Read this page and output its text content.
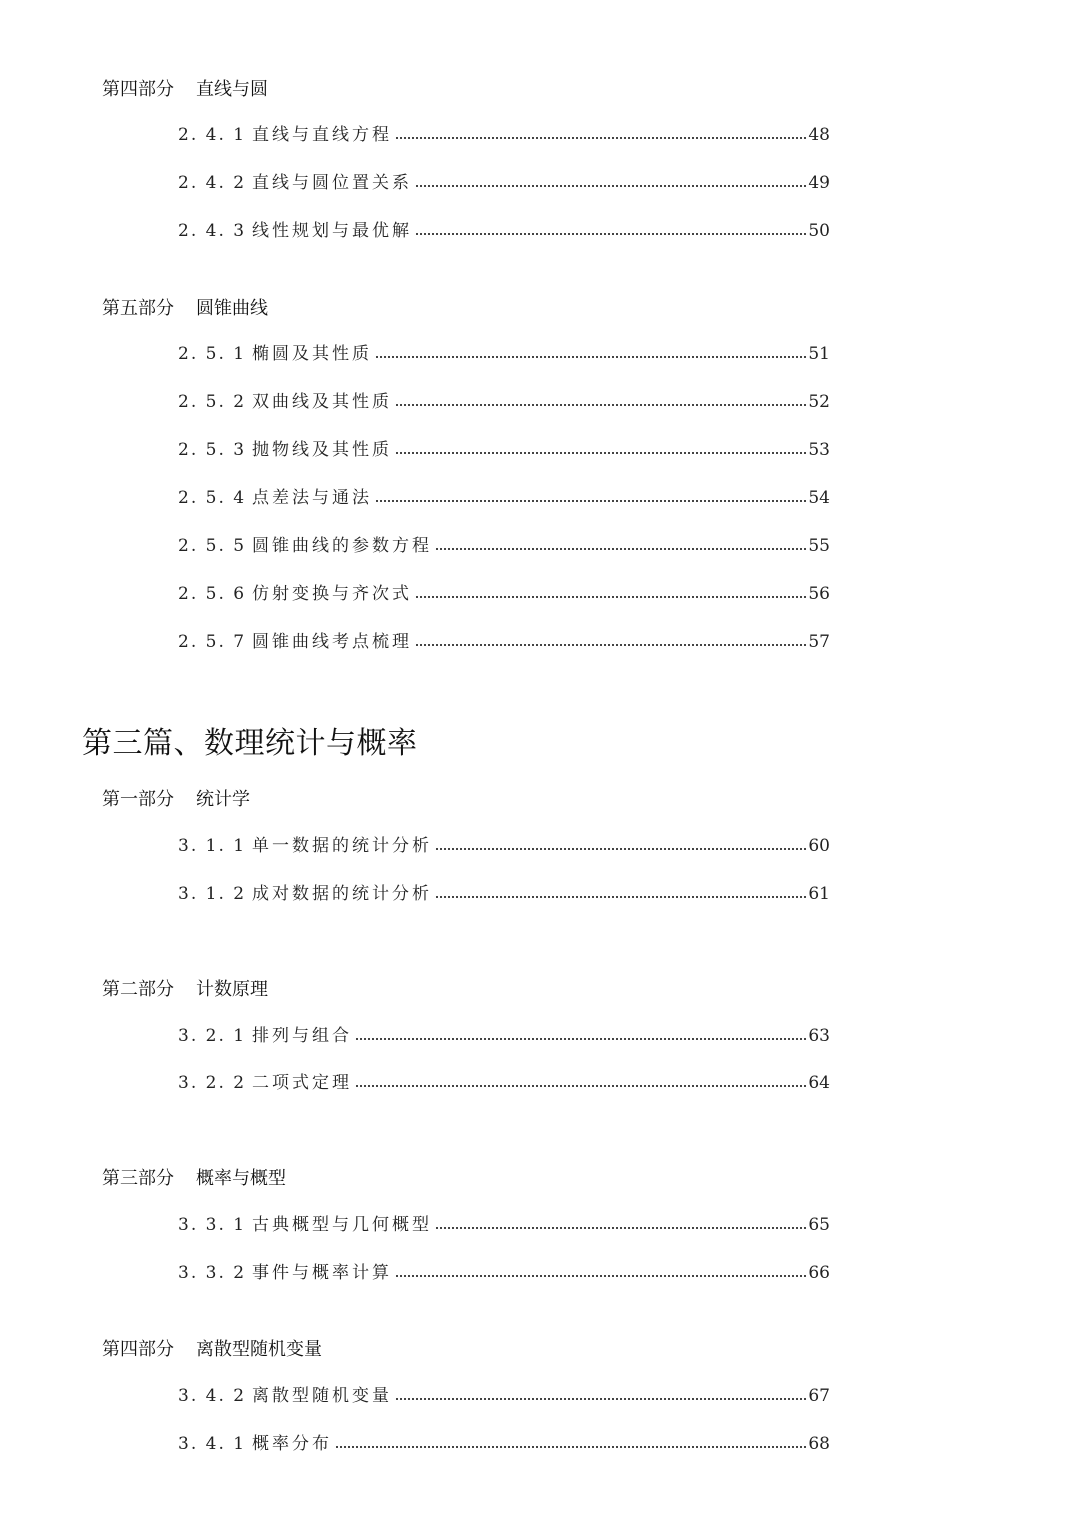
第四部分 直线与圆
2. 4. 1 直线与直线方程	48
2. 4. 2 直线与圆位置关系	49
2. 4. 3 线性规划与最优解	50
第五部分 圆锥曲线
2. 5. 1 椭圆及其性质	51
2. 5. 2 双曲线及其性质	52
2. 5. 3 抛物线及其性质	53
2. 5. 4 点差法与通法	54
2. 5. 5 圆锥曲线的参数方程	55
2. 5. 6 仿射变换与齐次式	56
2. 5. 7 圆锥曲线考点梳理	57
第三篇、数理统计与概率
第一部分 统计学
3. 1. 1 单一数据的统计分析	60
3. 1. 2 成对数据的统计分析	61
第二部分 计数原理
3. 2. 1 排列与组合	63
3. 2. 2 二项式定理	64
第三部分 概率与概型
3. 3. 1 古典概型与几何概型	65
3. 3. 2 事件与概率计算	66
第四部分 离散型随机变量
3. 4. 2 离散型随机变量	67
3. 4. 1 概率分布	68
